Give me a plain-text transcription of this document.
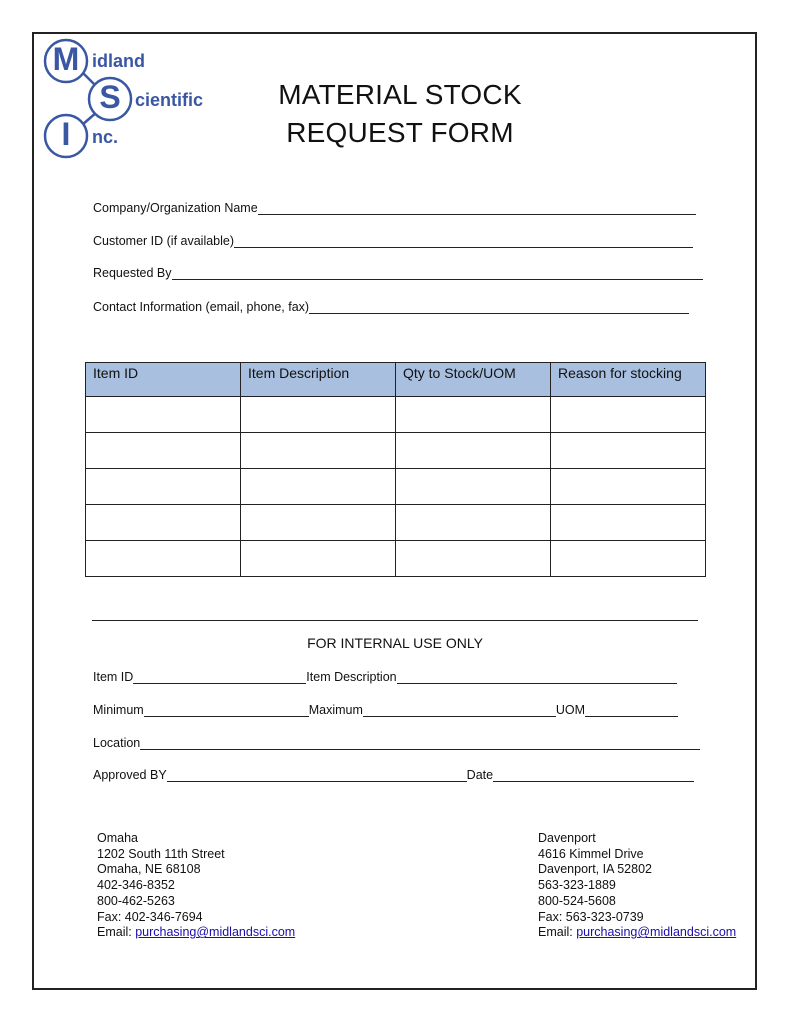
M
S
I
idland
cientific
nc.
MATERIAL STOCK
REQUEST FORM
Company/Organization Name
Customer ID (if available)
Requested By
Contact Information (email, phone, fax)
Item ID	Item Description	Qty to Stock/UOM	Reason for stocking

FOR INTERNAL USE ONLY
Item ID	Item Description
Minimum	Maximum	UOM
Location
Approved BY	Date
Omaha
1202 South 11th Street
Omaha, NE 68108
402-346-8352
800-462-5263
Fax: 402-346-7694
Email: purchasing@midlandsci.com
Davenport
4616 Kimmel Drive
Davenport, IA 52802
563-323-1889
800-524-5608
Fax: 563-323-0739
Email: purchasing@midlandsci.com
